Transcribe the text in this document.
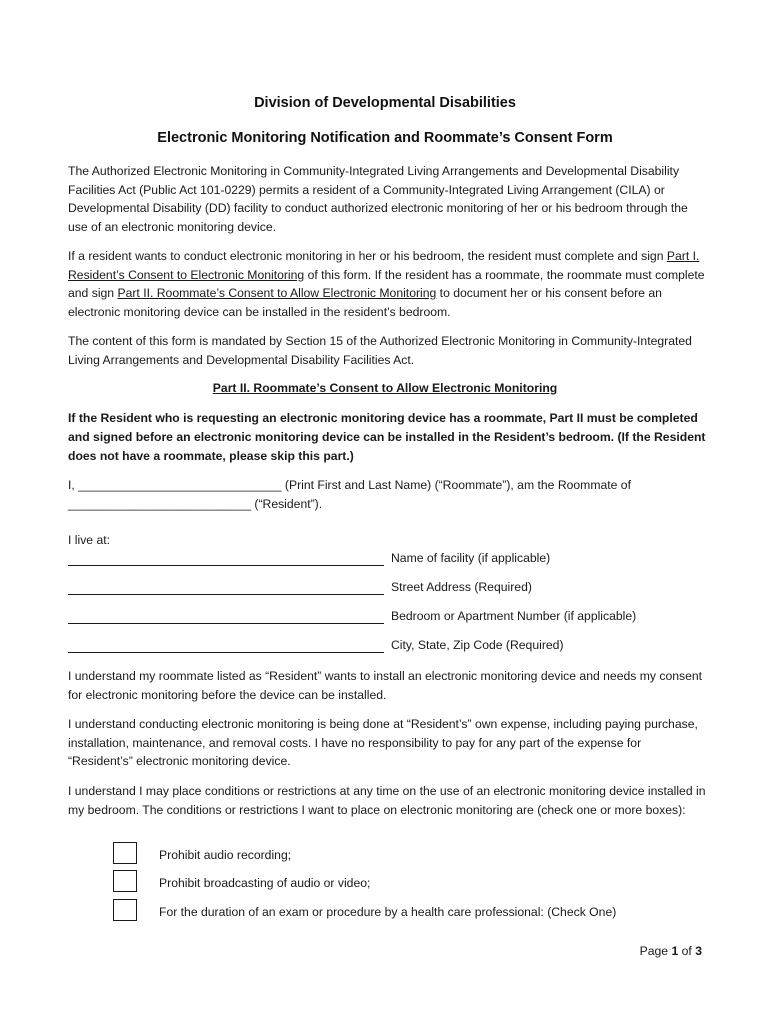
Division of Developmental Disabilities
Electronic Monitoring Notification and Roommate’s Consent Form
The Authorized Electronic Monitoring in Community-Integrated Living Arrangements and Developmental Disability Facilities Act (Public Act 101-0229) permits a resident of a Community-Integrated Living Arrangement (CILA) or Developmental Disability (DD) facility to conduct authorized electronic monitoring of her or his bedroom through the use of an electronic monitoring device.
If a resident wants to conduct electronic monitoring in her or his bedroom, the resident must complete and sign Part I. Resident’s Consent to Electronic Monitoring of this form. If the resident has a roommate, the roommate must complete and sign Part II. Roommate’s Consent to Allow Electronic Monitoring to document her or his consent before an electronic monitoring device can be installed in the resident’s bedroom.
The content of this form is mandated by Section 15 of the Authorized Electronic Monitoring in Community-Integrated Living Arrangements and Developmental Disability Facilities Act.
Part II. Roommate’s Consent to Allow Electronic Monitoring
If the Resident who is requesting an electronic monitoring device has a roommate, Part II must be completed and signed before an electronic monitoring device can be installed in the Resident’s bedroom. (If the Resident does not have a roommate, please skip this part.)
I, ______________________________ (Print First and Last Name) (“Roommate”), am the Roommate of
___________________________ (“Resident”).
I live at:
Name of facility (if applicable)
Street Address (Required)
Bedroom or Apartment Number (if applicable)
City, State, Zip Code (Required)
I understand my roommate listed as “Resident” wants to install an electronic monitoring device and needs my consent for electronic monitoring before the device can be installed.
I understand conducting electronic monitoring is being done at “Resident’s” own expense, including paying purchase, installation, maintenance, and removal costs. I have no responsibility to pay for any part of the expense for “Resident’s” electronic monitoring device.
I understand I may place conditions or restrictions at any time on the use of an electronic monitoring device installed in my bedroom. The conditions or restrictions I want to place on electronic monitoring are (check one or more boxes):
Prohibit audio recording;
Prohibit broadcasting of audio or video;
For the duration of an exam or procedure by a health care professional: (Check One)
Page 1 of 3
